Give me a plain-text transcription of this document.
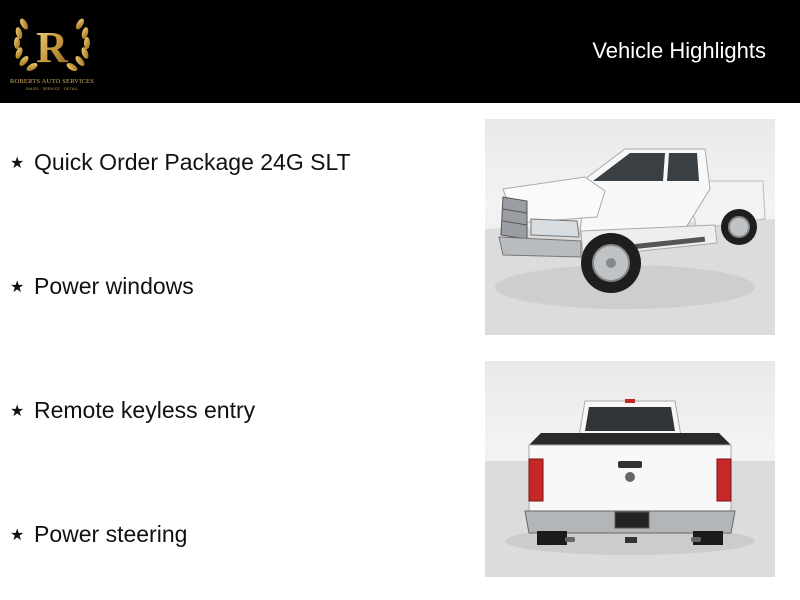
R
ROBERTS AUTO SERVICES
SALES · SERVICE · DETAIL
Vehicle Highlights
★ Quick Order Package 24G SLT
★ Power windows
★ Remote keyless entry
★ Power steering
